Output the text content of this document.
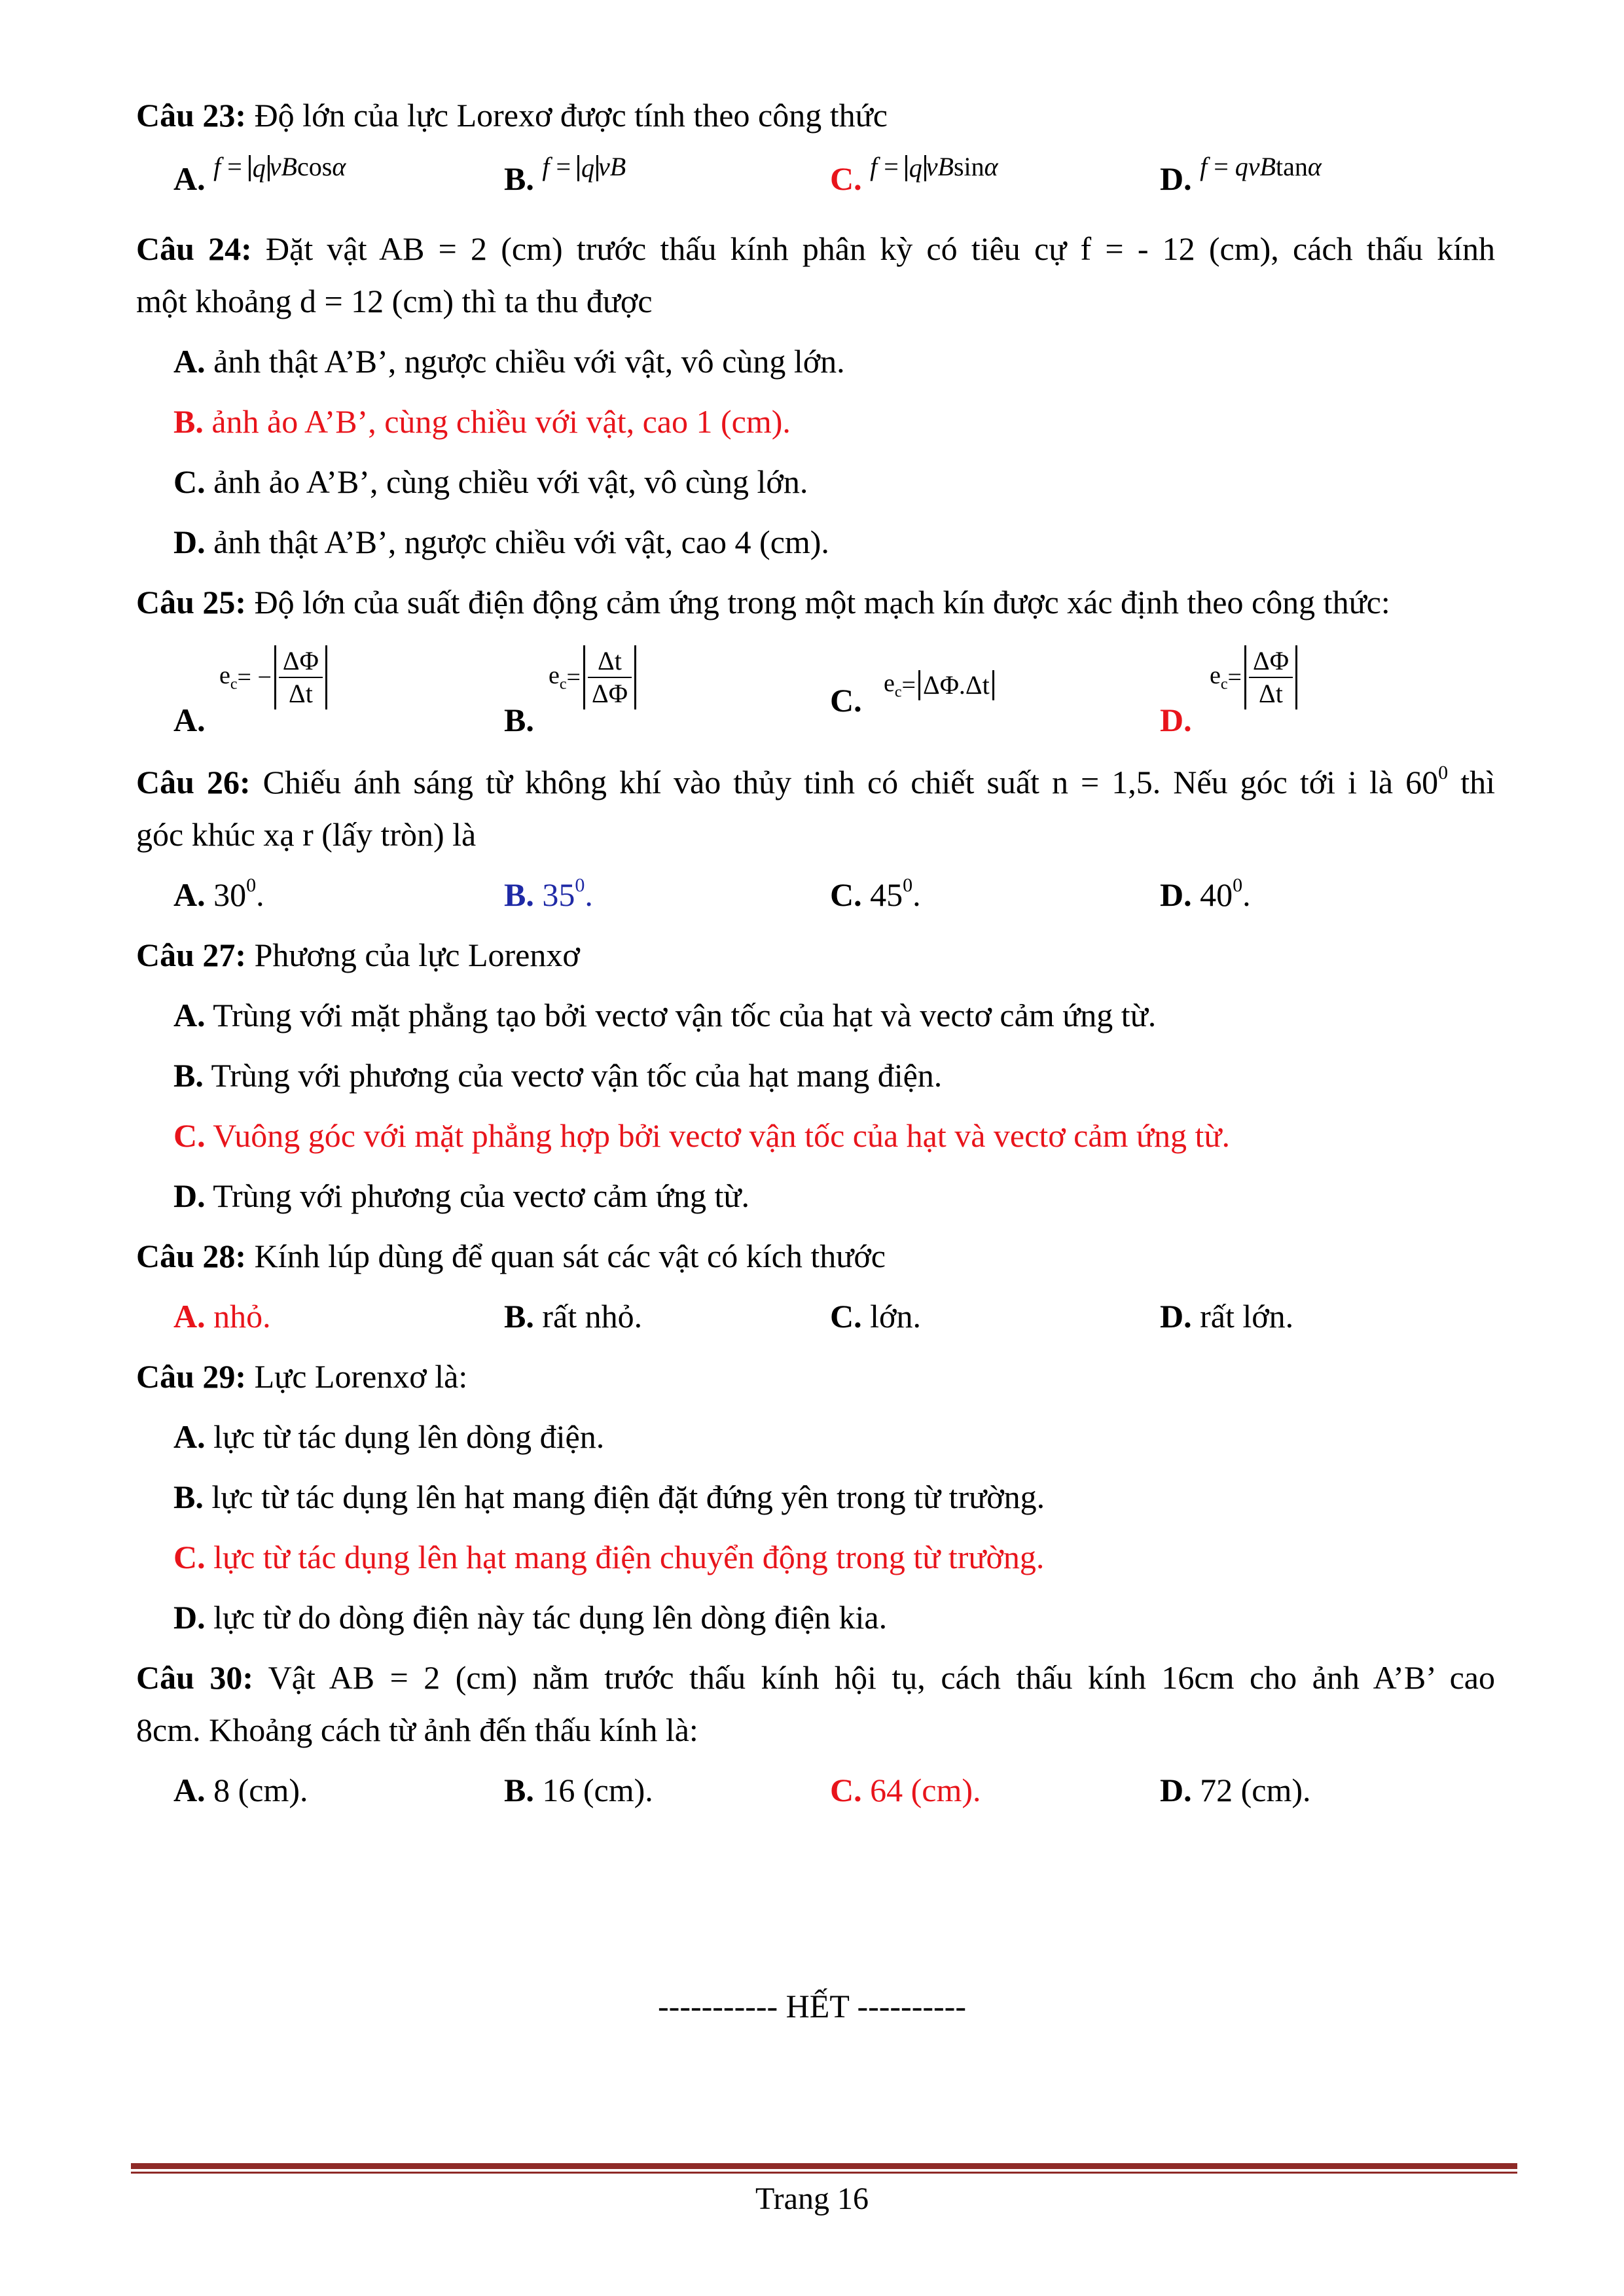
Câu 23: Độ lớn của lực Lorexơ được tính theo công thức
A. f = q vBcosα	B. f = q vB	C. f = q vBsinα	D. f = qvBtanα
Câu 24: Đặt vật AB = 2 (cm) trước thấu kính phân kỳ có tiêu cự f = - 12 (cm), cách thấu kính
một khoảng d = 12 (cm) thì ta thu được
A. ảnh thật A’B’, ngược chiều với vật, vô cùng lớn.
B. ảnh ảo A’B’, cùng chiều với vật, cao 1 (cm).
C. ảnh ảo A’B’, cùng chiều với vật, vô cùng lớn.
D. ảnh thật A’B’, ngược chiều với vật, cao 4 (cm).
Câu 25: Độ lớn của suất điện động cảm ứng trong một mạch kín được xác định theo công thức:
A.
$e_c= - \frac{\Delta\Phi}{\Delta t}$
B.
$e_c= \frac{\Delta t}{\Delta\Phi}$	C. $e_c= \Delta\Phi.\Delta t$
D.
$e_c= \frac{\Delta\Phi}{\Delta t}$
Câu 26: Chiếu ánh sáng từ không khí vào thủy tinh có chiết suất n = 1,5. Nếu góc tới i là $60^0$ thì
góc khúc xạ r (lấy tròn) là
A. $30^0$.	B. $35^0$.	C. $45^0$.	D. $40^0$.
Câu 27: Phương của lực Lorenxơ
A. Trùng với mặt phẳng tạo bởi vectơ vận tốc của hạt và vectơ cảm ứng từ.
B. Trùng với phương của vectơ vận tốc của hạt mang điện.
C. Vuông góc với mặt phẳng hợp bởi vectơ vận tốc của hạt và vectơ cảm ứng từ.
D. Trùng với phương của vectơ cảm ứng từ.
Câu 28: Kính lúp dùng để quan sát các vật có kích thước
A. nhỏ.	B. rất nhỏ.	C. lớn.	D. rất lớn.
Câu 29: Lực Lorenxơ là:
A. lực từ tác dụng lên dòng điện.
B. lực từ tác dụng lên hạt mang điện đặt đứng yên trong từ trường.
C. lực từ tác dụng lên hạt mang điện chuyển động trong từ trường.
D. lực từ do dòng điện này tác dụng lên dòng điện kia.
Câu 30: Vật AB = 2 (cm) nằm trước thấu kính hội tụ, cách thấu kính 16cm cho ảnh A’B’ cao
8cm. Khoảng cách từ ảnh đến thấu kính là:
A. 8 (cm).	B. 16 (cm).	C. 64 (cm).	D. 72 (cm).
----------- HẾT ----------
Trang 16
